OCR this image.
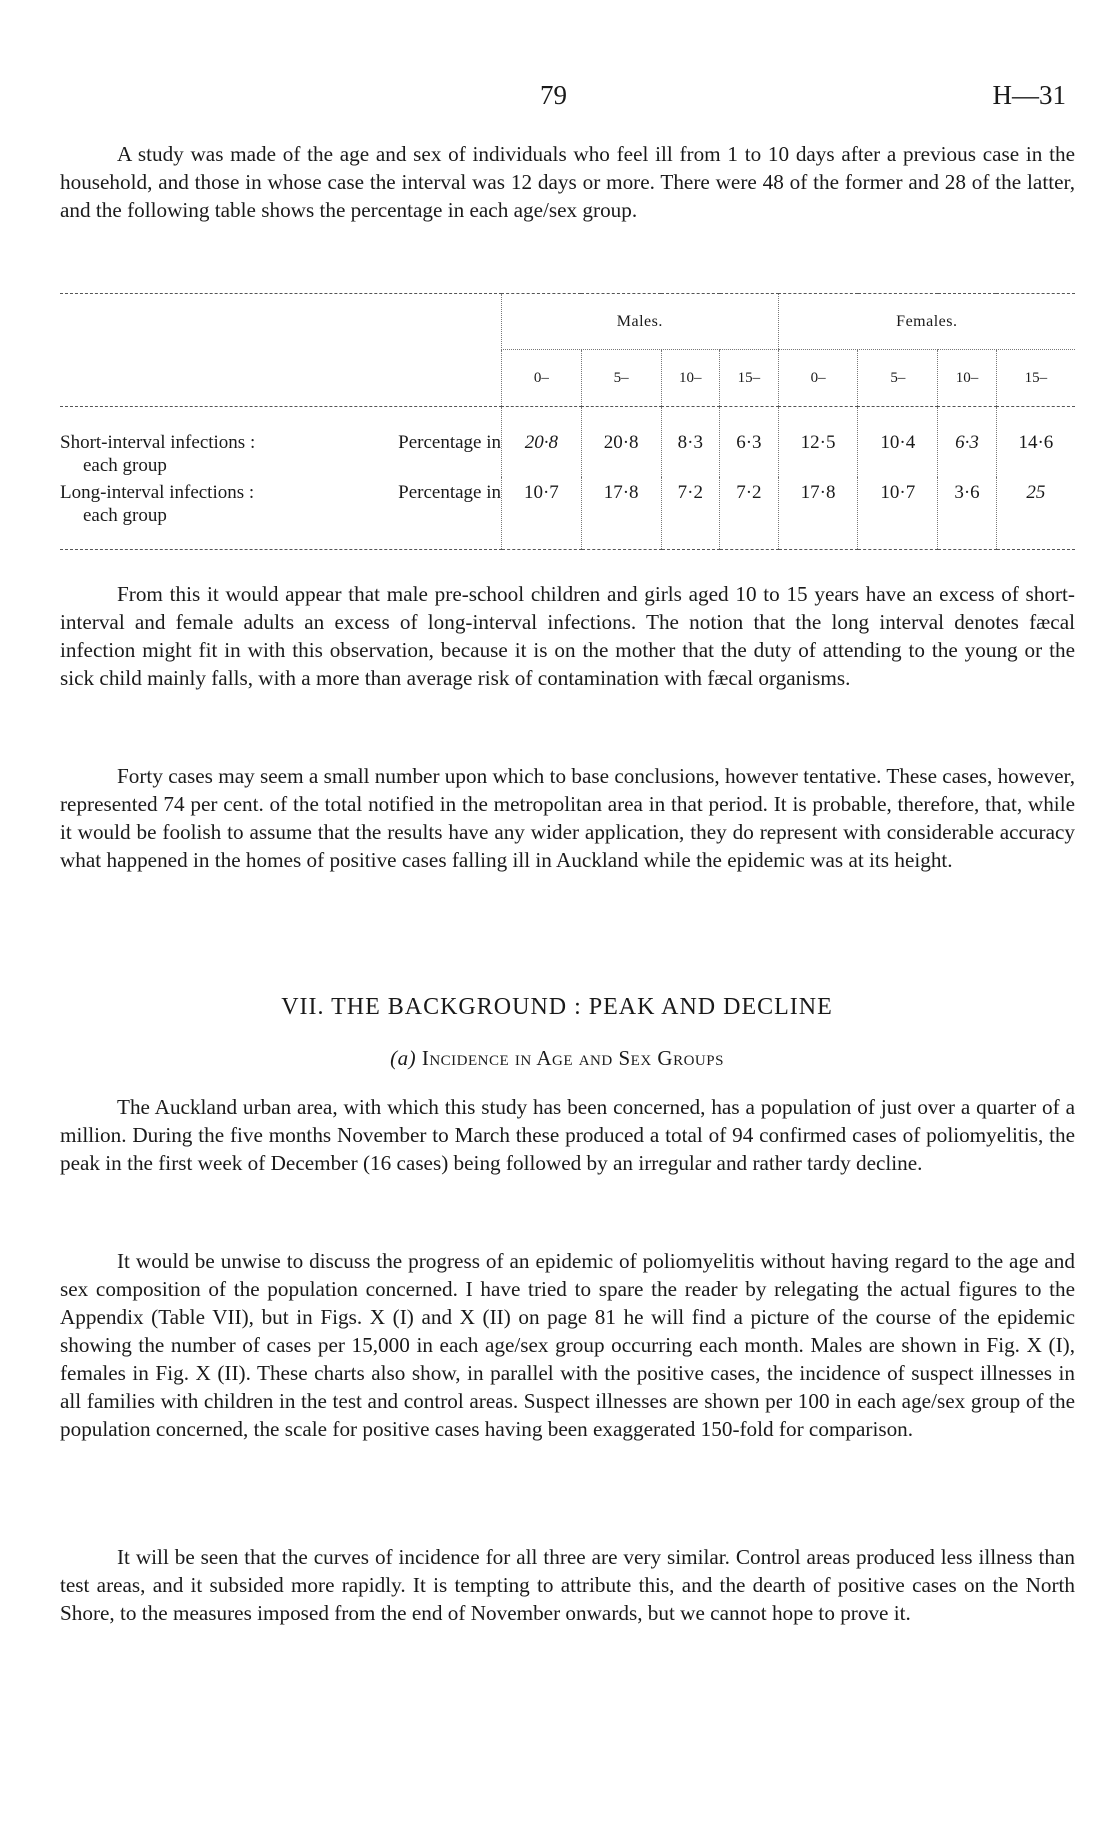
79	H—31

A study was made of the age and sex of individuals who feel ill from 1 to 10 days after a previous case in the household, and those in whose case the interval was 12 days or more. There were 48 of the former and 28 of the latter, and the following table shows the percentage in each age/sex group.

	Males.				Females.			
	0–	5–	10–	15–	0–	5–	10–	15–

Short-interval infections : Percentage in
each group	20·8	20·8	8·3	6·3	12·5	10·4	6·3	14·6

Long-interval infections : Percentage in
each group	10·7	17·8	7·2	7·2	17·8	10·7	3·6	25

From this it would appear that male pre-school children and girls aged 10 to 15 years have an excess of short-interval and female adults an excess of long-interval infections. The notion that the long interval denotes fæcal infection might fit in with this observation, because it is on the mother that the duty of attending to the young or the sick child mainly falls, with a more than average risk of contamination with fæcal organisms.

Forty cases may seem a small number upon which to base conclusions, however tentative. These cases, however, represented 74 per cent. of the total notified in the metropolitan area in that period. It is probable, therefore, that, while it would be foolish to assume that the results have any wider application, they do represent with considerable accuracy what happened in the homes of positive cases falling ill in Auckland while the epidemic was at its height.

VII. THE BACKGROUND : PEAK AND DECLINE
(a) Incidence in Age and Sex Groups

The Auckland urban area, with which this study has been concerned, has a population of just over a quarter of a million. During the five months November to March these produced a total of 94 confirmed cases of poliomyelitis, the peak in the first week of December (16 cases) being followed by an irregular and rather tardy decline.

It would be unwise to discuss the progress of an epidemic of poliomyelitis without having regard to the age and sex composition of the population concerned. I have tried to spare the reader by relegating the actual figures to the Appendix (Table VII), but in Figs. X (I) and X (II) on page 81 he will find a picture of the course of the epidemic showing the number of cases per 15,000 in each age/sex group occurring each month. Males are shown in Fig. X (I), females in Fig. X (II). These charts also show, in parallel with the positive cases, the incidence of suspect illnesses in all families with children in the test and control areas. Suspect illnesses are shown per 100 in each age/sex group of the population concerned, the scale for positive cases having been exaggerated 150-fold for comparison.

It will be seen that the curves of incidence for all three are very similar. Control areas produced less illness than test areas, and it subsided more rapidly. It is tempting to attribute this, and the dearth of positive cases on the North Shore, to the measures imposed from the end of November onwards, but we cannot hope to prove it.
